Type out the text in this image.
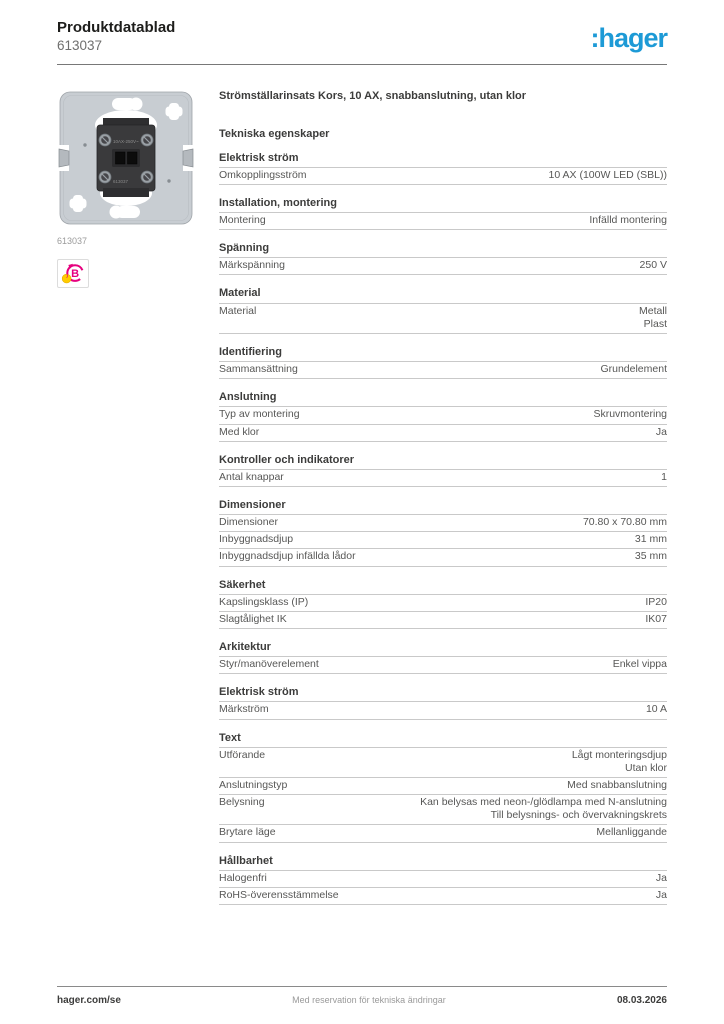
Produktdatablad
613037	:hager
10AX-250V~
613037
613037
B
Strömställarinsats Kors, 10 AX, snabbanslutning, utan klor
Tekniska egenskaper
Elektrisk ström
Omkopplingsström	10 AX (100W LED (SBL))
Installation, montering
Montering	Infälld montering
Spänning
Märkspänning	250 V
Material
Material	Metall
Plast
Identifiering
Sammansättning	Grundelement
Anslutning
Typ av montering	Skruvmontering
Med klor	Ja
Kontroller och indikatorer
Antal knappar	1
Dimensioner
Dimensioner	70.80 x 70.80 mm
Inbyggnadsdjup	31 mm
Inbyggnadsdjup infällda lådor	35 mm
Säkerhet
Kapslingsklass (IP)	IP20
Slagtålighet IK	IK07
Arkitektur
Styr/manöverelement	Enkel vippa
Elektrisk ström
Märkström	10 A
Text
Utförande	Lågt monteringsdjup
Utan klor
Anslutningstyp	Med snabbanslutning
Belysning	Kan belysas med neon-/glödlampa med N-anslutning
Till belysnings- och övervakningskrets
Brytare läge	Mellanliggande
Hållbarhet
Halogenfri	Ja
RoHS-överensstämmelse	Ja
hager.com/se	Med reservation för tekniska ändringar	08.03.2026
